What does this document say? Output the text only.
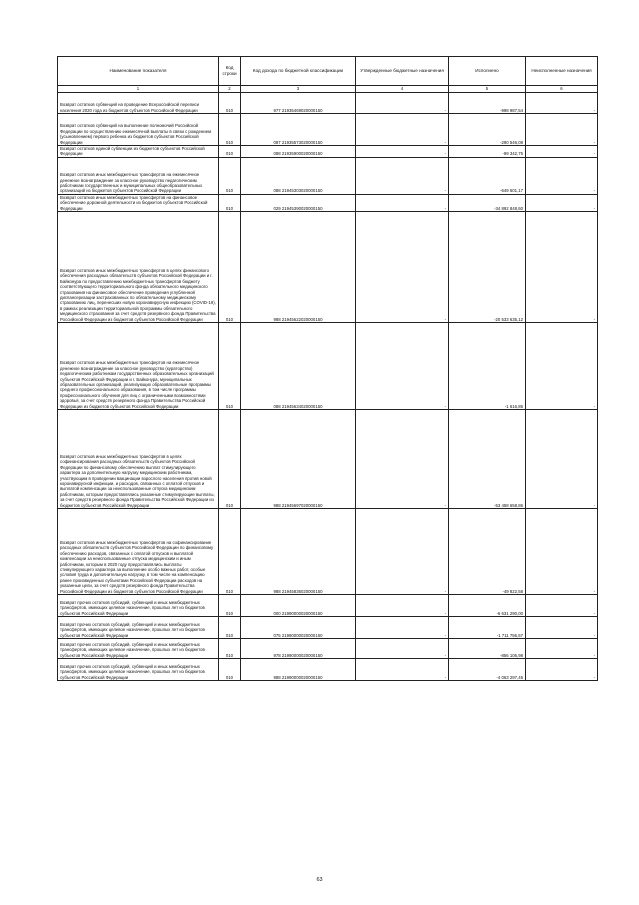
Наименование показателя	Код строки	Код дохода по бюджетной классификации	Утвержденные бюджетные назначения	Исполнено	Неисполненные назначения
1	2	3	4	5	6
Возврат остатков субвенций на проведение Всероссийской переписи населения 2020 года из бюджетов субъектов Российской Федерации	010	977 21935469020000150	-	-998 987,54	-
Возврат остатков субвенций на выполнение полномочий Российской Федерации по осуществлению ежемесячной выплаты в связи с рождением (усыновлением) первого ребенка из бюджетов субъектов Российской Федерации	010	087 21935573020000150	-	-290 546,08	-
Возврат остатков единой субвенции из бюджетов субъектов Российской Федерации	010	088 21935900020000150	-	-99 342,75	-
Возврат остатков иных межбюджетных трансфертов на ежемесячное денежное вознаграждение за классное руководство педагогическим работникам государственных и муниципальных общеобразовательных организаций из бюджетов субъектов Российской Федерации	010	088 21945303020000150	-	-649 601,17	-
Возврат остатков иных межбюджетных трансфертов на финансовое обеспечение дорожной деятельности из бюджетов субъектов Российской Федерации	010	029 21945390020000150	-	-34 892 848,60	-
Возврат остатков иных межбюджетных трансфертов в целях финансового обеспечения расходных обязательств субъектов Российской Федерации и г. Байконура по предоставлению межбюджетных трансфертов бюджету соответствующего территориального фонда обязательного медицинского страхования на финансовое обеспечение проведения углубленной диспансеризации застрахованных по обязательному медицинскому страхованию лиц, перенесших новую коронавирусную инфекцию (COVID-19), в рамках реализации территориальной программы обязательного медицинского страхования за счет средств резервного фонда Правительства Российской Федерации из бюджетов субъектов Российской Федерации	010	988 21945622020000150	-	-20 533 635,12	-
Возврат остатков иных межбюджетных трансфертов на ежемесячное денежное вознаграждение за классное руководство (кураторство) педагогическим работникам государственных образовательных организаций субъектов Российской Федерации и г. Байконура, муниципальных образовательных организаций, реализующих образовательные программы среднего профессионального образования, в том числе программы профессионального обучения для лиц с ограниченными возможностями здоровья, за счет средств резервного фонда Правительства Российской Федерации из бюджетов субъектов Российской Федерации	010	088 21945634020000150	-	-1 616,85	-
Возврат остатков иных межбюджетных трансфертов в целях софинансирования расходных обязательств субъектов Российской Федерации по финансовому обеспечению выплат стимулирующего характера за дополнительную нагрузку медицинским работникам, участвующим в проведении вакцинации взрослого населения против новой коронавирусной инфекции, и расходов, связанных с оплатой отпусков и выплатой компенсации за неиспользованные отпуска медицинским работникам, которым предоставлялись указанные стимулирующие выплаты, за счет средств резервного фонда Правительства Российской Федерации из бюджетов субъектов Российской Федерации	010	988 21945697020000150	-	-53 458 658,86	-
Возврат остатков иных межбюджетных трансфертов на софинансирование расходных обязательств субъектов Российской Федерации по финансовому обеспечению расходов, связанных с оплатой отпусков и выплатой компенсации за неиспользованные отпуска медицинским и иным работникам, которым в 2020 году предоставлялись выплаты стимулирующего характера за выполнение особо важных работ, особые условия труда и дополнительную нагрузку, в том числе на компенсацию ранее произведенных субъектами Российской Федерации расходов на указанные цели, за счет средств резервного фонда Правительства Российской Федерации из бюджетов субъектов Российской Федерации	010	988 21945836020000150	-	-49 822,58	-
Возврат прочих остатков субсидий, субвенций и иных межбюджетных трансфертов, имеющих целевое назначение, прошлых лет из бюджетов субъектов Российской Федерации	010	000 21990000020000150	-	-6 631 290,00	-
Возврат прочих остатков субсидий, субвенций и иных межбюджетных трансфертов, имеющих целевое назначение, прошлых лет из бюджетов субъектов Российской Федерации	010	075 21990000020000150	-	-1 711 756,57	-
Возврат прочих остатков субсидий, субвенций и иных межбюджетных трансфертов, имеющих целевое назначение, прошлых лет из бюджетов субъектов Российской Федерации	010	978 21990000020000150	-	-856 106,98	-
Возврат прочих остатков субсидий, субвенций и иных межбюджетных трансфертов, имеющих целевое назначение, прошлых лет из бюджетов субъектов Российской Федерации	010	988 21990000020000150	-	-4 063 297,45	-
63
